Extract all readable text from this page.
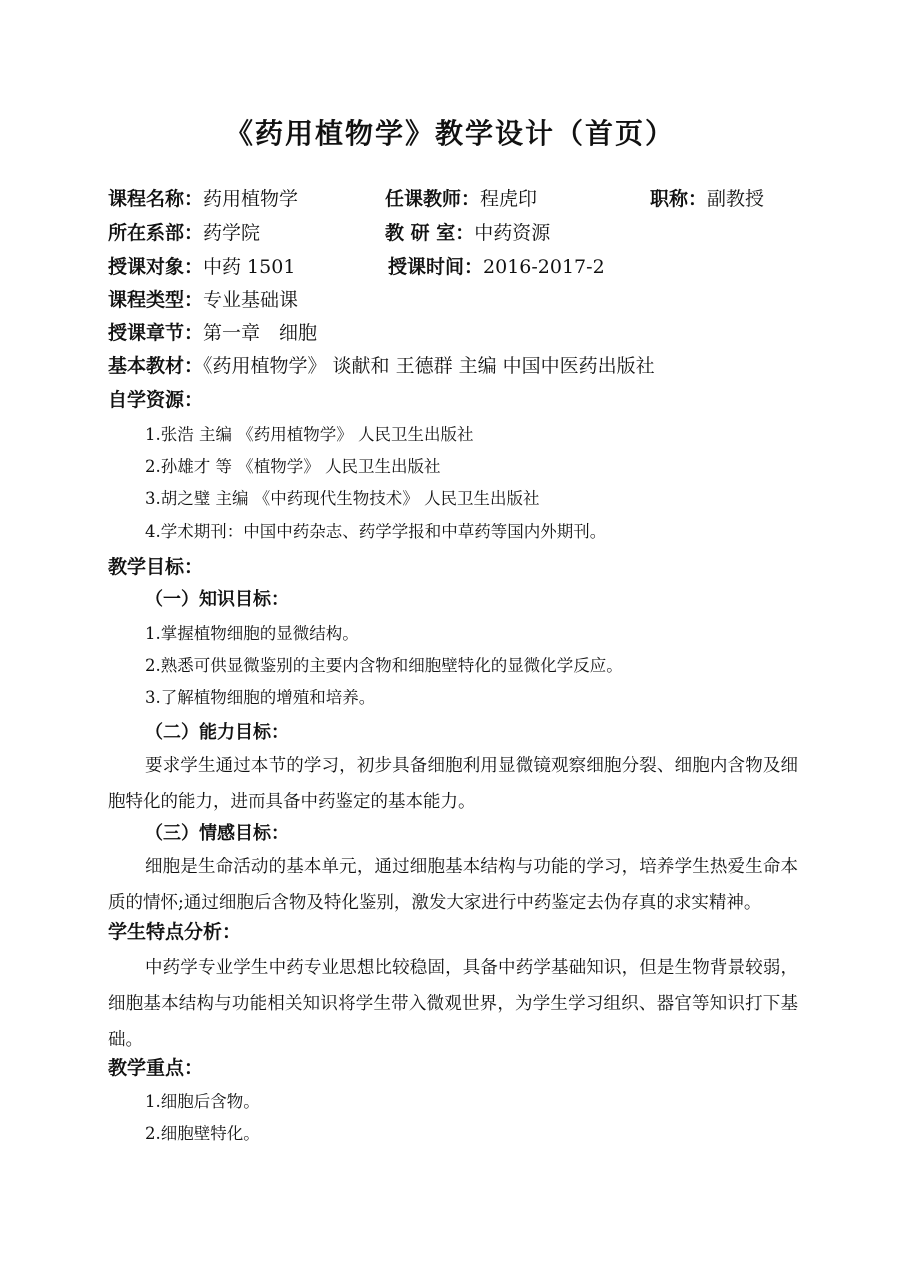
《药用植物学》教学设计（首页）
课程名称：药用植物学	任课教师：程虎印	职称：副教授
所在系部：药学院	教 研 室：中药资源
授课对象：中药 1501	授课时间：2016-2017-2
课程类型：专业基础课
授课章节：第一章　细胞
基本教材：《药用植物学》 谈献和 王德群 主编 中国中医药出版社
自学资源：
1.张浩 主编 《药用植物学》 人民卫生出版社
2.孙雄才 等 《植物学》 人民卫生出版社
3.胡之璧 主编 《中药现代生物技术》 人民卫生出版社
4.学术期刊：中国中药杂志、药学学报和中草药等国内外期刊。
教学目标：
（一）知识目标：
1.掌握植物细胞的显微结构。
2.熟悉可供显微鉴别的主要内含物和细胞壁特化的显微化学反应。
3.了解植物细胞的增殖和培养。
（二）能力目标：
要求学生通过本节的学习，初步具备细胞利用显微镜观察细胞分裂、细胞内含物及细胞特化的能力，进而具备中药鉴定的基本能力。
（三）情感目标：
细胞是生命活动的基本单元，通过细胞基本结构与功能的学习，培养学生热爱生命本质的情怀;通过细胞后含物及特化鉴别，激发大家进行中药鉴定去伪存真的求实精神。
学生特点分析：
中药学专业学生中药专业思想比较稳固，具备中药学基础知识，但是生物背景较弱，细胞基本结构与功能相关知识将学生带入微观世界，为学生学习组织、器官等知识打下基础。
教学重点：
1.细胞后含物。
2.细胞壁特化。
